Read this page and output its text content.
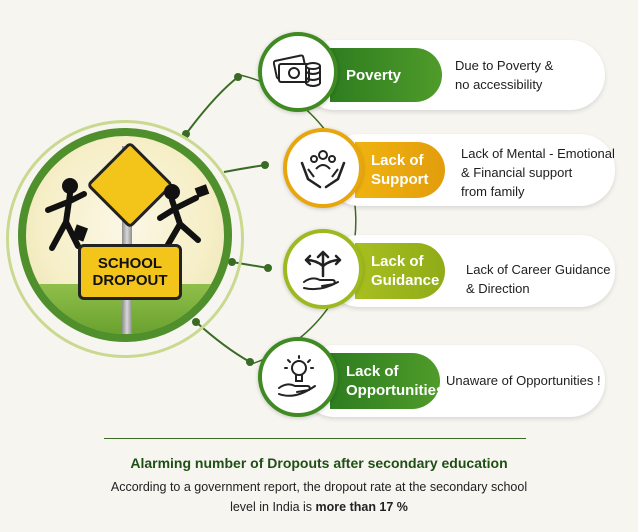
SCHOOL
DROPOUT
Poverty
Due to Poverty &
no accessibility
Lack of
Support
Lack of Mental - Emotional
& Financial support
from family
Lack of
Guidance
Lack of Career Guidance
& Direction
Lack of
Opportunities
Unaware of Opportunities !
Alarming number of Dropouts after secondary education
According to a government report, the dropout rate at the secondary school
level in India is more than 17 %
